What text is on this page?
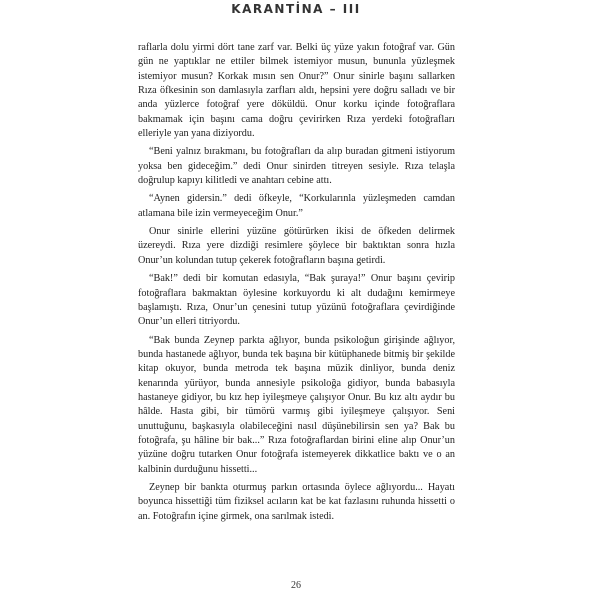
KARANTİNA – III

raflarla dolu yirmi dört tane zarf var. Belki üç yüze yakın fotoğraf var. Gün gün ne yaptıklar ne ettiler bilmek istemiyor musun, bununla yüzleşmek istemiyor musun? Korkak mısın sen Onur?” Onur sinirle başını sallarken Rıza öfkesinin son damlasıyla zarfları aldı, hepsini yere doğru salladı ve bir anda yüzlerce fotoğraf yere döküldü. Onur korku içinde fotoğraflara bakmamak için başını cama doğru çevirirken Rıza yerdeki fotoğrafları elleriyle yan yana diziyordu.

“Beni yalnız bırakmanı, bu fotoğrafları da alıp buradan gitmeni istiyorum yoksa ben gideceğim.” dedi Onur sinirden titreyen sesiyle. Rıza telaşla doğrulup kapıyı kilitledi ve anahtarı cebine attı.

“Aynen gidersin.” dedi öfkeyle, “Korkularınla yüzleşmeden camdan atlamana bile izin vermeyeceğim Onur.”

Onur sinirle ellerini yüzüne götürürken ikisi de öfkeden delirmek üzereydi. Rıza yere dizdiği resimlere şöylece bir baktıktan sonra hızla Onur’un kolundan tutup çekerek fotoğrafların başına getirdi.

“Bak!” dedi bir komutan edasıyla, “Bak şuraya!” Onur başını çevirip fotoğraflara bakmaktan öylesine korkuyordu ki alt dudağını kemirmeye başlamıştı. Rıza, Onur’un çenesini tutup yüzünü fotoğraflara çevirdiğinde Onur’un elleri titriyordu.

“Bak bunda Zeynep parkta ağlıyor, bunda psikoloğun girişinde ağlıyor, bunda hastanede ağlıyor, bunda tek başına bir kütüphanede bitmiş bir şekilde kitap okuyor, bunda metroda tek başına müzik dinliyor, bunda deniz kenarında yürüyor, bunda annesiyle psikoloğa gidiyor, bunda babasıyla hastaneye gidiyor, bu kız hep iyileşmeye çalışıyor Onur. Bu kız altı aydır bu hâlde. Hasta gibi, bir tümörü varmış gibi iyileşmeye çalışıyor. Seni unuttuğunu, başkasıyla olabileceğini nasıl düşünebilirsin sen ya? Bak bu fotoğrafa, şu hâline bir bak...” Rıza fotoğraflardan birini eline alıp Onur’un yüzüne doğru tutarken Onur fotoğrafa istemeyerek dikkatlice baktı ve o an kalbinin durduğunu hissetti...

Zeynep bir bankta oturmuş parkın ortasında öylece ağlıyordu... Hayatı boyunca hissettiği tüm fiziksel acıların kat be kat fazlasını ruhunda hissetti o an. Fotoğrafın içine girmek, ona sarılmak istedi.

26
